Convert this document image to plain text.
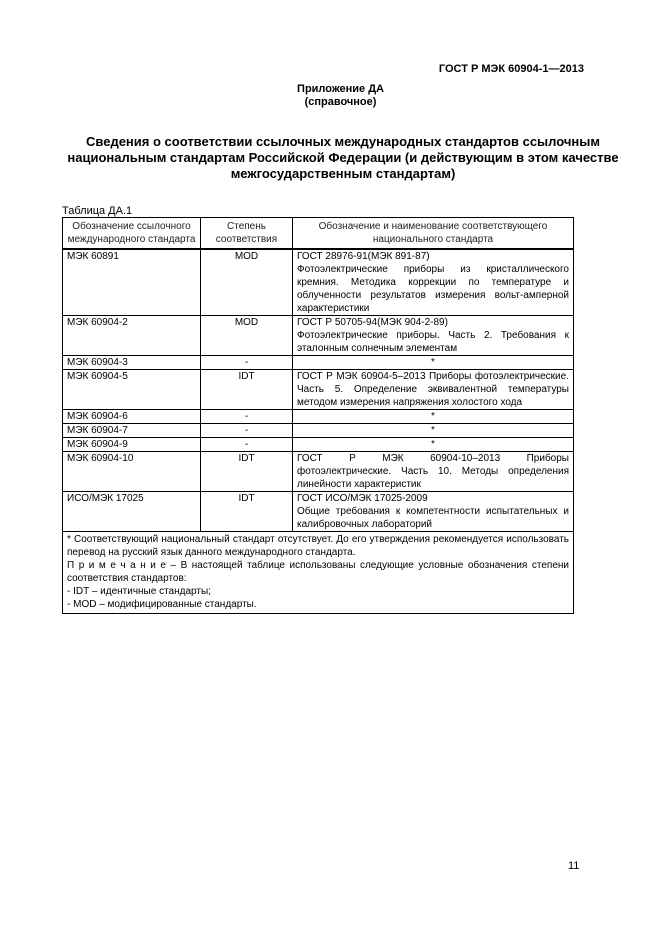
ГОСТ Р МЭК 60904-1—2013
Приложение ДА
(справочное)
Сведения о соответствии ссылочных международных стандартов ссылочным национальным стандартам Российской Федерации (и действующим в этом качестве межгосударственным стандартам)
Таблица ДА.1
Обозначение ссылочного международного стандарта	Степень соответствия	Обозначение и наименование соответствующего национального стандарта
МЭК 60891	MOD	ГОСТ 28976-91(МЭК 891-87)
Фотоэлектрические приборы из кристаллического кремния. Методика коррекции по температуре и облученности результатов измерения вольт-амперной характеристики

МЭК 60904-2	MOD	ГОСТ Р 50705-94(МЭК 904-2-89)
Фотоэлектрические приборы. Часть 2. Требования к эталонным солнечным элементам

МЭК 60904-3	-	*
МЭК 60904-5	IDT	ГОСТ Р МЭК 60904-5–2013 Приборы фотоэлектрические. Часть 5. Определение эквивалентной температуры методом измерения напряжения холостого хода
МЭК 60904-6	-	*
МЭК 60904-7	-	*
МЭК 60904-9	-	*
МЭК 60904-10	IDT	ГОСТ Р МЭК 60904-10–2013 Приборы фотоэлектрические. Часть 10. Методы определения линейности характеристик
ИСО/МЭК 17025	IDT	ГОСТ ИСО/МЭК 17025-2009
Общие требования к компетентности испытательных и калибровочных лабораторий

* Соответствующий национальный стандарт отсутствует. До его утверждения рекомендуется использовать перевод на русский язык данного международного стандарта.
П р и м е ч а н и е – В настоящей таблице использованы следующие условные обозначения степени соответствия стандартов:
- IDT – идентичные стандарты;
- MOD – модифицированные стандарты.		
11
